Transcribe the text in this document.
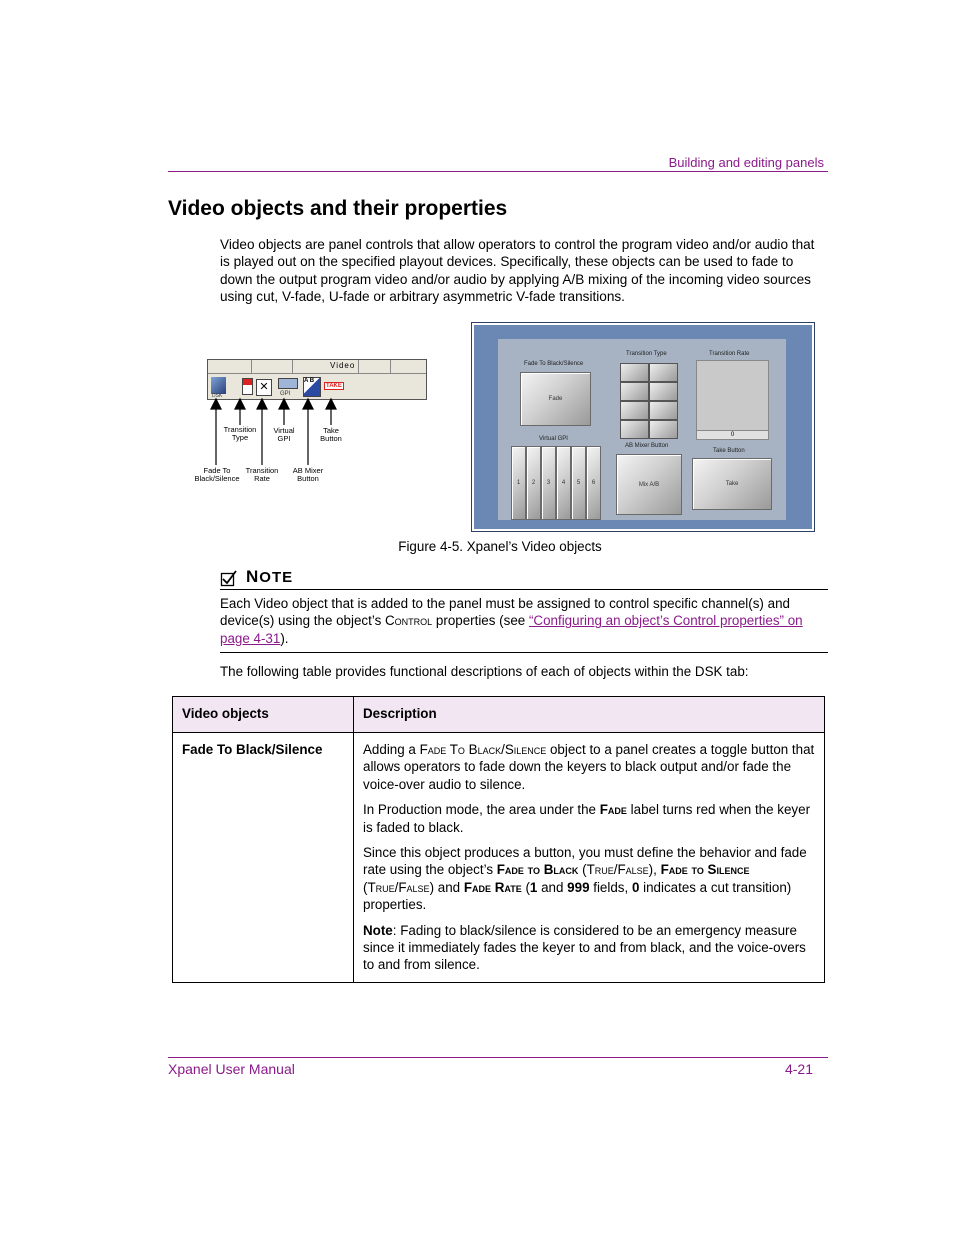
Building and editing panels
Video objects and their properties
Video objects are panel controls that allow operators to control the program video and/or audio that is played out on the specified playout devices. Specifically, these objects can be used to fade to down the output program video and/or audio by applying A/B mixing of the incoming video sources using cut, V-fade, U-fade or arbitrary asymmetric V-fade transitions.
Video
DSK
✕
GPI
A B
TAKE
Transition Type
Virtual GPI
Take Button
Fade To Black/Silence
Transition Rate
AB Mixer Button
Fade To Black/Silence
Fade
Transition Type	Transition Rate
0
Virtual GPI
1	2	3	4	5	6
AB Mixer Button
Mix A/B
Take Button
Take
Figure 4-5. Xpanel’s Video objects
NOTE
Each Video object that is added to the panel must be assigned to control specific channel(s) and device(s) using the object’s Control properties (see “Configuring an object’s Control properties” on page 4-31).
The following table provides functional descriptions of each of objects within the DSK tab:
Video objects	Description
Fade To Black/Silence	Adding a Fade To Black/Silence object to a panel creates a toggle button that allows operators to fade down the keyers to black output and/or fade the voice-over audio to silence.

In Production mode, the area under the Fade label turns red when the keyer is faded to black.

Since this object produces a button, you must define the behavior and fade rate using the object’s Fade to Black (True/False), Fade to Silence (True/False) and Fade Rate (1 and 999 fields, 0 indicates a cut transition) properties.

Note: Fading to black/silence is considered to be an emergency measure since it immediately fades the keyer to and from black, and the voice-overs to and from silence.

Xpanel User Manual	4-21
